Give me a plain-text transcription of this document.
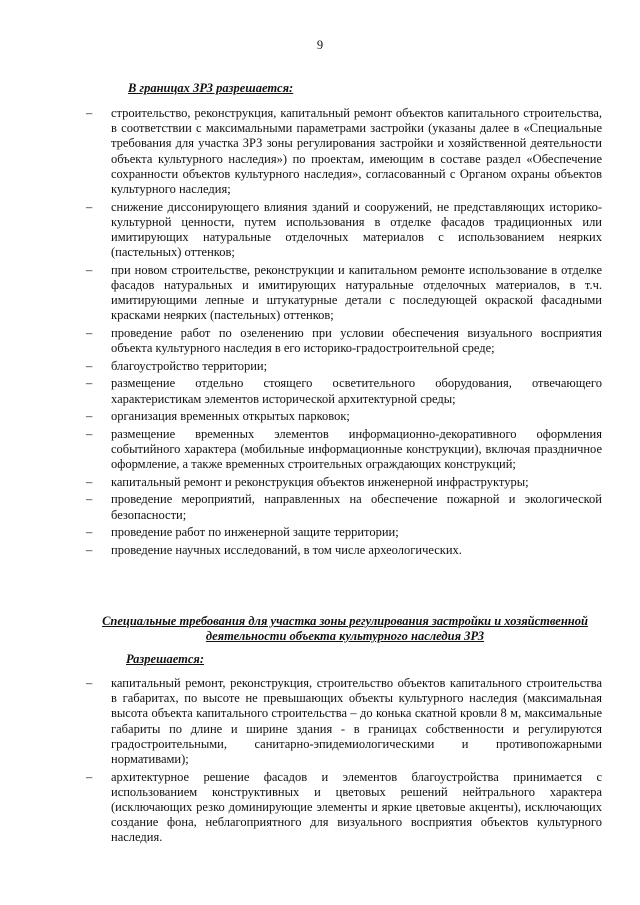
9
В границах ЗРЗ разрешается:
– строительство, реконструкция, капитальный ремонт объектов капитального строительства, в соответствии с максимальными параметрами застройки (указаны далее в «Специальные требования для участка ЗРЗ зоны регулирования застройки и хозяйственной деятельности объекта культурного наследия») по проектам, имеющим в составе раздел «Обеспечение сохранности объектов культурного наследия», согласованный с Органом охраны объектов культурного наследия;
– снижение диссонирующего влияния зданий и сооружений, не представляющих историко-культурной ценности, путем использования в отделке фасадов традиционных или имитирующих натуральные отделочных материалов с использованием неярких (пастельных) оттенков;
– при новом строительстве, реконструкции и капитальном ремонте использование в отделке фасадов натуральных и имитирующих натуральные отделочных материалов, в т.ч. имитирующими лепные и штукатурные детали с последующей окраской фасадными красками неярких (пастельных) оттенков;
– проведение работ по озеленению при условии обеспечения визуального восприятия объекта культурного наследия в его историко-градостроительной среде;
– благоустройство территории;
– размещение отдельно стоящего осветительного оборудования, отвечающего характеристикам элементов исторической архитектурной среды;
– организация временных открытых парковок;
– размещение временных элементов информационно-декоративного оформления событийного характера (мобильные информационные конструкции), включая праздничное оформление, а также временных строительных ограждающих конструкций;
– капитальный ремонт и реконструкция объектов инженерной инфраструктуры;
– проведение мероприятий, направленных на обеспечение пожарной и экологической безопасности;
– проведение работ по инженерной защите территории;
– проведение научных исследований, в том числе археологических.
Специальные требования для участка зоны регулирования застройки и хозяйственной
деятельности объекта культурного наследия ЗРЗ
Разрешается:
– капитальный ремонт, реконструкция, строительство объектов капитального строительства в габаритах, по высоте не превышающих объекты культурного наследия (максимальная высота объекта капитального строительства – до конька скатной кровли 8 м, максимальные габариты по длине и ширине здания - в границах собственности и регулируются градостроительными, санитарно-эпидемиологическими и противопожарными нормативами);
– архитектурное решение фасадов и элементов благоустройства принимается с использованием конструктивных и цветовых решений нейтрального характера (исключающих резко доминирующие элементы и яркие цветовые акценты), исключающих создание фона, неблагоприятного для визуального восприятия объектов культурного наследия.
